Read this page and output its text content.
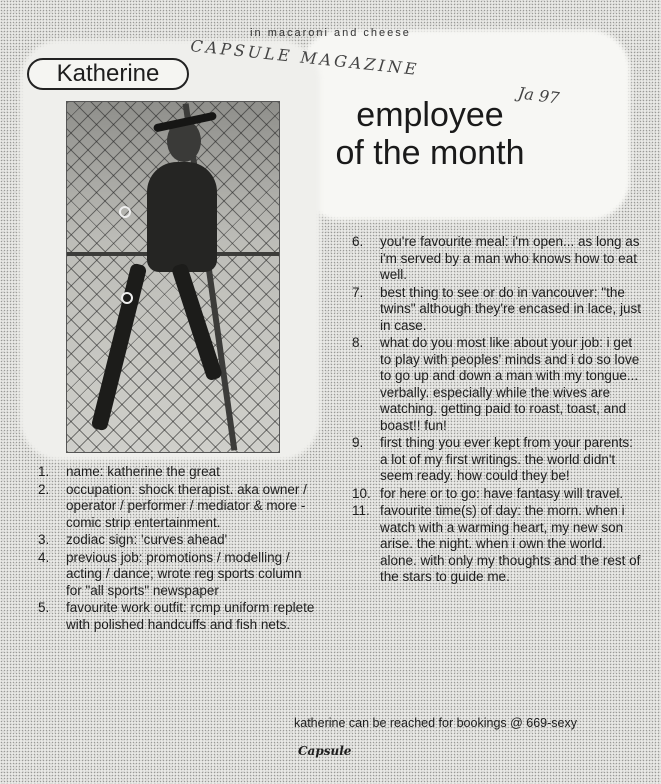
in macaroni and cheese
Katherine	CAPSULE MAGAZINE
Ja 97
employee
of the month
1.	name: katherine the great
2.	occupation: shock therapist. aka owner / operator / performer / mediator & more - comic strip entertainment.
3.	zodiac sign: 'curves ahead'
4.	previous job: promotions / modelling / acting / dance; wrote reg sports column for "all sports" newspaper
5.	favourite work outfit: rcmp uniform replete with polished handcuffs and fish nets.
6.	you're favourite meal: i'm open... as long as i'm served by a man who knows how to eat well.
7.	best thing to see or do in vancouver: "the twins" although they're encased in lace, just in case.
8.	what do you most like about your job: i get to play with peoples' minds and i do so love to go up and down a man with my tongue... verbally. especially while the wives are watching. getting paid to roast, toast, and boast!! fun!
9.	first thing you ever kept from your parents: a lot of my first writings. the world didn't seem ready. how could they be!
10. for here or to go: have fantasy will travel.
11. favourite time(s) of day: the morn. when i watch with a warming heart, my new son arise. the night. when i own the world. alone. with only my thoughts and the rest of the stars to guide me.
katherine can be reached for bookings @ 669-sexy
Capsule
